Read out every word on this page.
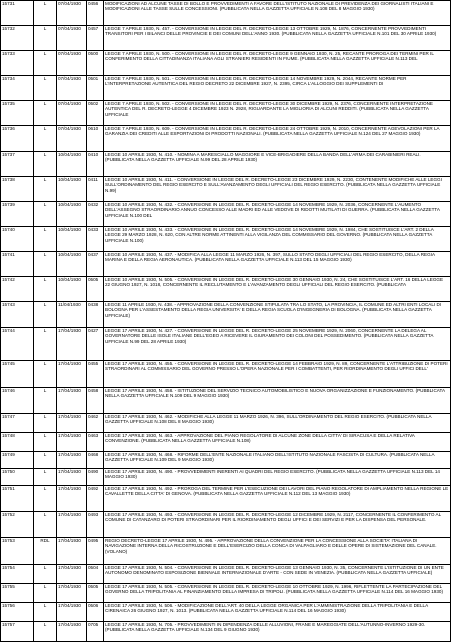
15731	L	07/04/1930	0456	MODIFICAZIONI AD ALCUNE TASSE DI BOLLO E PROVVEDIMENTI A FAVORE DELL'ISTITUTO NAZIONALE DI PREVIDENZA DEI GIORNALISTI ITALIANI E MODIFICAZIONI ALLE TASSE SULLE CONCESSIONI. (PUBBLICATA NELLA GAZZETTA UFFICIALE N.108 DEL 8 MAGGIO 1930)
15732	L	07/04/1930	0457	LEGGE 7 APRILE 1930, N. 457. - CONVERSIONE IN LEGGE DEL R. DECRETO-LEGGE 13 OTTOBRE 1929, N. 1876, CONCERNENTE PROVVEDIMENTI TRANSITORI PER I BILANCI DELLE PROVINCIE E DEI COMUNI DELL'ANNO 1930. (PUBBLICATA NELLA GAZZETTA UFFICIALE N.101 DEL 30 APRILE 1930)
15733	L	07/04/1930	0500	LEGGE 7 APRILE 1930, N. 500. - CONVERSIONE IN LEGGE DEL R. DECRETO-LEGGE 9 GENNAIO 1930, N. 25, RECANTE PROROGA DEI TERMINI PER IL CONFERIMENTO DELLA CITTADINANZA ITALIANA AGLI STRANIERI RESIDENTI IN FIUME. (PUBBLICATA NELLA GAZZETTA UFFICIALE N.113 DEL
15734	L	07/04/1930	0501	LEGGE 7 APRILE 1930, N. 501. - CONVERSIONE IN LEGGE DEL R. DECRETO-LEGGE 14 NOVEMBRE 1929, N. 2044, RECANTE NORME PER L'INTERPRETAZIONE AUTENTICA DEL REGIO DECRETO 22 DICEMBRE 1927, N. 2395, CIRCA L'ALLOGGIO DEI SUPPLEMENTI DI
15735	L	07/04/1930	0502	LEGGE 7 APRILE 1930, N. 502. - CONVERSIONE IN LEGGE DEL R. DECRETO-LEGGE 30 DICEMBRE 1929, N. 2376, CONCERNENTE INTERPRETAZIONE AUTENTICA DEL R. DECRETO-LEGGE 4 DICEMBRE 1923 N. 2928, RIGUARDANTE LA MIGLIORIA DI ALCUNI REDDITI. (PUBBLICATA NELLA GAZZETTA UFFICIALE
15736	L	07/04/1930	0610	LEGGE 7 APRILE 1930, N. 609. - CONVERSIONE IN LEGGE DEL R. DECRETO-LEGGE 24 OTTOBRE 1929, N. 2010, CONCERNENTE AGEVOLAZIONI PER LA GARANZIA DEI CREDITI ALLE ESPORTAZIONI DI PRODOTTI NAZIONALI. (PUBBLICATA NELLA GAZZETTA UFFICIALE N.124 DEL 27 MAGGIO 1930)
15737	L	10/04/1930	0410	LEGGE 10 APRILE 1930, N. 410. - NOMINA A MARESCIALLO MAGGIORE E VICE-BRIGADIERE DELLA BANDA DELL'ARMA DEI CARABINIERI REALI. (PUBBLICATA NELLA GAZZETTA UFFICIALE N.99 DEL 28 APRILE 1930)
15738	L	10/04/1930	0411	LEGGE 10 APRILE 1930, N. 411. - CONVERSIONE IN LEGGE DEL R. DECRETO-LEGGE 23 DICEMBRE 1929, N. 2230, CONTENENTE MODIFICHE ALLE LEGGI SULL'ORDINAMENTO DEL REGIO ESERCITO E SULL'AVANZAMENTO DEGLI UFFICIALI DEL REGIO ESERCITO. (PUBBLICATA NELLA GAZZETTA UFFICIALE N.99)
15739	L	10/04/1930	0432	LEGGE 10 APRILE 1930, N. 432. - CONVERSIONE IN LEGGE DEL R. DECRETO-LEGGE 14 NOVEMBRE 1929, N. 2036, CONCERNENTE L'AUMENTO DELL'ASSEGNO STRAORDINARIO ANNUO CONCESSO ALLE MADRI ED ALLE VEDOVE DI RIDOTTI MUTILATI DI GUERRA. (PUBBLICATA NELLA GAZZETTA UFFICIALE N.100 DEL
15740	L	10/04/1930	0433	LEGGE 10 APRILE 1930, N. 433. - CONVERSIONE IN LEGGE DEL R. DECRETO-LEGGE 14 NOVEMBRE 1929, N. 1984, CHE SOSTITUISCE L'ART. 2 DELLA LEGGE 29 MARZO 1928, N. 620, CON ALTRE NORME ATTINENTI ALLA VIGILANZA DEL COMMISSARIO DEL GOVERNO. (PUBBLICATA NELLA GAZZETTA UFFICIALE N.100)
15741	L	10/04/1930	0437	LEGGE 10 APRILE 1930, N. 437. - MODIFICA ALLA LEGGE 11 MARZO 1926, N. 397, SULLO STATO DEGLI UFFICIALI DEL REGIO ESERCITO, DELLA REGIA MARINA E DELLA REGIA AERONAUTICA. (PUBBLICATA NELLA GAZZETTA UFFICIALE N.113 DEL 15 MAGGIO 1930)
15742	L	10/04/1930	0505	LEGGE 10 APRILE 1930, N. 505. - CONVERSIONE IN LEGGE DEL R. DECRETO-LEGGE 30 GENNAIO 1930, N. 24, CHE SOSTITUISCE L'ART. 16 DELLA LEGGE 22 GIUGNO 1927, N. 1018, CONCERNENTE IL RECLUTAMENTO E L'AVANZAMENTO DEGLI UFFICIALI DEL REGIO ESERCITO. (PUBBLICATA
15743	L	11/04/1930	0438	LEGGE 11 APRILE 1930, N. 438. - APPROVAZIONE DELLA CONVENZIONE STIPULATA TRA LO STATO, LA PROVINCIA, IL COMUNE ED ALTRI ENTI LOCALI DI BOLOGNA PER L'ASSESTAMENTO DELLA REGIA UNIVERSITA' E DELLA REGIA SCUOLA D'INGEGNERIA DI BOLOGNA. (PUBBLICATA NELLA GAZZETTA UFFICIALE)
15744	L	17/04/1930	0427	LEGGE 17 APRILE 1930, N. 427. - CONVERSIONE IN LEGGE DEL R. DECRETO-LEGGE 25 NOVEMBRE 1929, N. 2060, CONCERNENTE LA DELEGA AL GOVERNATORE DELLE ISOLE ITALIANE DELL'EGEO A RICEVERE IL GIURAMENTO DEI COLONI DEL POSSEDIMENTO. (PUBBLICATA NELLA GAZZETTA UFFICIALE N.99 DEL 28 APRILE 1930)
15745	L	17/04/1930	0455	LEGGE 17 APRILE 1930, N. 455. - CONVERSIONE IN LEGGE DEL R. DECRETO-LEGGE 14 FEBBRAIO 1929, N. 89, CONCERNENTE L'ATTRIBUZIONE DI POTERI STRAORDINARI AL COMMISSARIO DEL GOVERNO PRESSO L'OPERA NAZIONALE PER I COMBATTENTI, PER RIORDINAMENTO DEGLI UFFICI DELL'
15746	L	17/04/1930	0458	LEGGE 17 APRILE 1930, N. 458. - ISTITUZIONE DEL SERVIZIO TECNICO AUTOMOBILISTICO E NUOVA ORGANIZZAZIONE E FUNZIONAMENTO. (PUBBLICATA NELLA GAZZETTA UFFICIALE N.109 DEL 9 MAGGIO 1930)
15747	L	17/04/1930	0462	LEGGE 17 APRILE 1930, N. 462. - MODIFICHE ALLA LEGGE 11 MARZO 1926, N. 396, SULL'ORDINAMENTO DEL REGIO ESERCITO. (PUBBLICATA NELLA GAZZETTA UFFICIALE N.108 DEL 8 MAGGIO 1930)
15748	L	17/04/1930	0463	LEGGE 17 APRILE 1930, N. 463. - APPROVAZIONE DEL PIANO REGOLATORE DI ALCUNE ZONE DELLA CITTA' DI SIRACUSA E DELLA RELATIVA CONVENZIONE. (PUBBLICATA NELLA GAZZETTA UFFICIALE N.108)
15749	L	17/04/1930	0468	LEGGE 17 APRILE 1930, N. 468. - RIFORME DELL'ENTE NAZIONALE ITALIANO DELL'ISTITUTO NAZIONALE FASCISTA DI CULTURA. (PUBBLICATA NELLA GAZZETTA UFFICIALE N.109 DEL 9 MAGGIO 1930)
15750	L	17/04/1930	0490	LEGGE 17 APRILE 1930, N. 490. - PROVVEDIMENTI INERENTI AI QUADRI DEL REGIO ESERCITO. (PUBBLICATA NELLA GAZZETTA UFFICIALE N.113 DEL 14 MAGGIO 1930)
15751	L	17/04/1930	0492	LEGGE 17 APRILE 1930, N. 492. - PROROGA DEL TERMINE PER L'ESECUZIONE DEI LAVORI DEL PIANO REGOLATORE DI AMPLIAMENTO NELLA REGIONE LE CAVALLETTE DELLA CITTA' DI GENOVA. (PUBBLICATA NELLA GAZZETTA UFFICIALE N.112 DEL 13 MAGGIO 1930)
15752	L	17/04/1930	0493	LEGGE 17 APRILE 1930, N. 493. - CONVERSIONE IN LEGGE DEL R. DECRETO-LEGGE 12 DICEMBRE 1929, N. 2117, CONCERNENTE IL CONFERIMENTO AL COMUNE DI CATANZARO DI POTERI STRAORDINARI PER IL RIORDINAMENTO DEGLI UFFICI E DEI SERVIZI E PER LA DISPENSA DEL PERSONALE.
15753	RDL	17/04/1930	0495	REGIO DECRETO-LEGGE 17 APRILE 1930, N. 495. - APPROVAZIONE DELLA CONVENZIONE PER LA CONCESSIONE ALLA SOCIETA' ITALIANA DI NAVIGAZIONE INTERNA DELLA RICOSTRUZIONE E DELL'ESERCIZIO DELLA CONCA DI VALPAGLIARO E DELLE OPERE DI SISTEMAZIONE DEL CANALE. (VOLANO)
15754	L	17/04/1930	0504	LEGGE 17 APRILE 1930, N. 504. - CONVERSIONE IN LEGGE DEL R. DECRETO-LEGGE 13 GENNAIO 1930, N. 35, CONCERNENTE L'ISTITUZIONE DI UN ENTE AUTONOMO DENOMINATO ESPOSIZIONE BIENNALE INTERNAZIONALE D'ARTE - CON SEDE IN VENEZIA. (PUBBLICATA NELLA GAZZETTA UFFICIALE)
15755	L	17/04/1930	0505	LEGGE 17 APRILE 1930, N. 505. - CONVERSIONE IN LEGGE DEL R. DECRETO-LEGGE 10 OTTOBRE 1929, N. 1996, RIFLETTENTE LA PARTECIPAZIONE DEL GOVERNO DELLA TRIPOLITANIA AL FINANZIAMENTO DELLA IMPRESA DI TRIPOLI. (PUBBLICATA NELLA GAZZETTA UFFICIALE N.114 DEL 16 MAGGIO 1930)
15756	L	17/04/1930	0506	LEGGE 17 APRILE 1930, N. 506. - MODIFICAZIONE DELL'ART. 40 DELLA LEGGE ORGANICA PER L'AMMINISTRAZIONE DELLA TRIPOLITANIA E DELLA CIRENAICA 26 GIUGNO 1927, N. 1013. (PUBBLICATA NELLA GAZZETTA UFFICIALE N.114 DEL 16 MAGGIO 1930)
15757	L	17/04/1930	0705	LEGGE 17 APRILE 1930, N. 705. - PROVVEDIMENTI IN DIPENDENZA DELLE ALLUVIONI, FRANE E MAREGGIATE DELL'AUTUNNO-INVERNO 1929-30. (PUBBLICATA NELLA GAZZETTA UFFICIALE N.134 DEL 9 GIUGNO 1930)
